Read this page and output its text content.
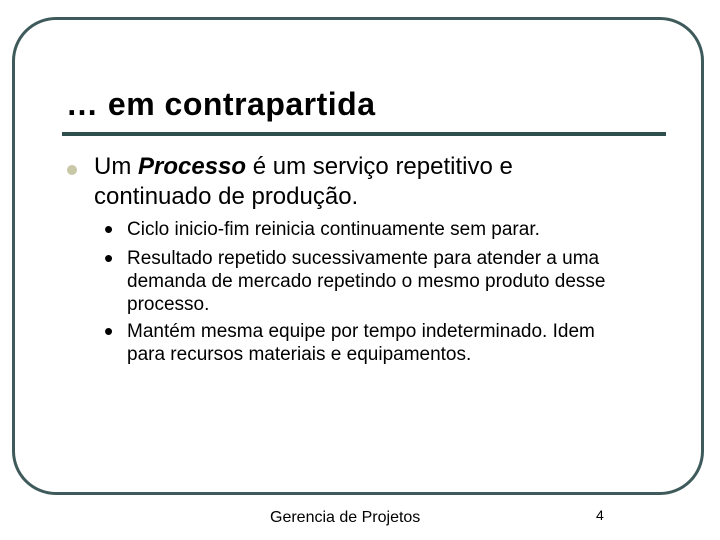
… em contrapartida
Um Processo é um serviço repetitivo e continuado de produção.
• Ciclo inicio-fim reinicia continuamente sem parar.
• Resultado repetido sucessivamente para atender a uma demanda de mercado repetindo o mesmo produto desse processo.
• Mantém mesma equipe por tempo indeterminado. Idem para recursos materiais e equipamentos.
Gerencia de Projetos	4
